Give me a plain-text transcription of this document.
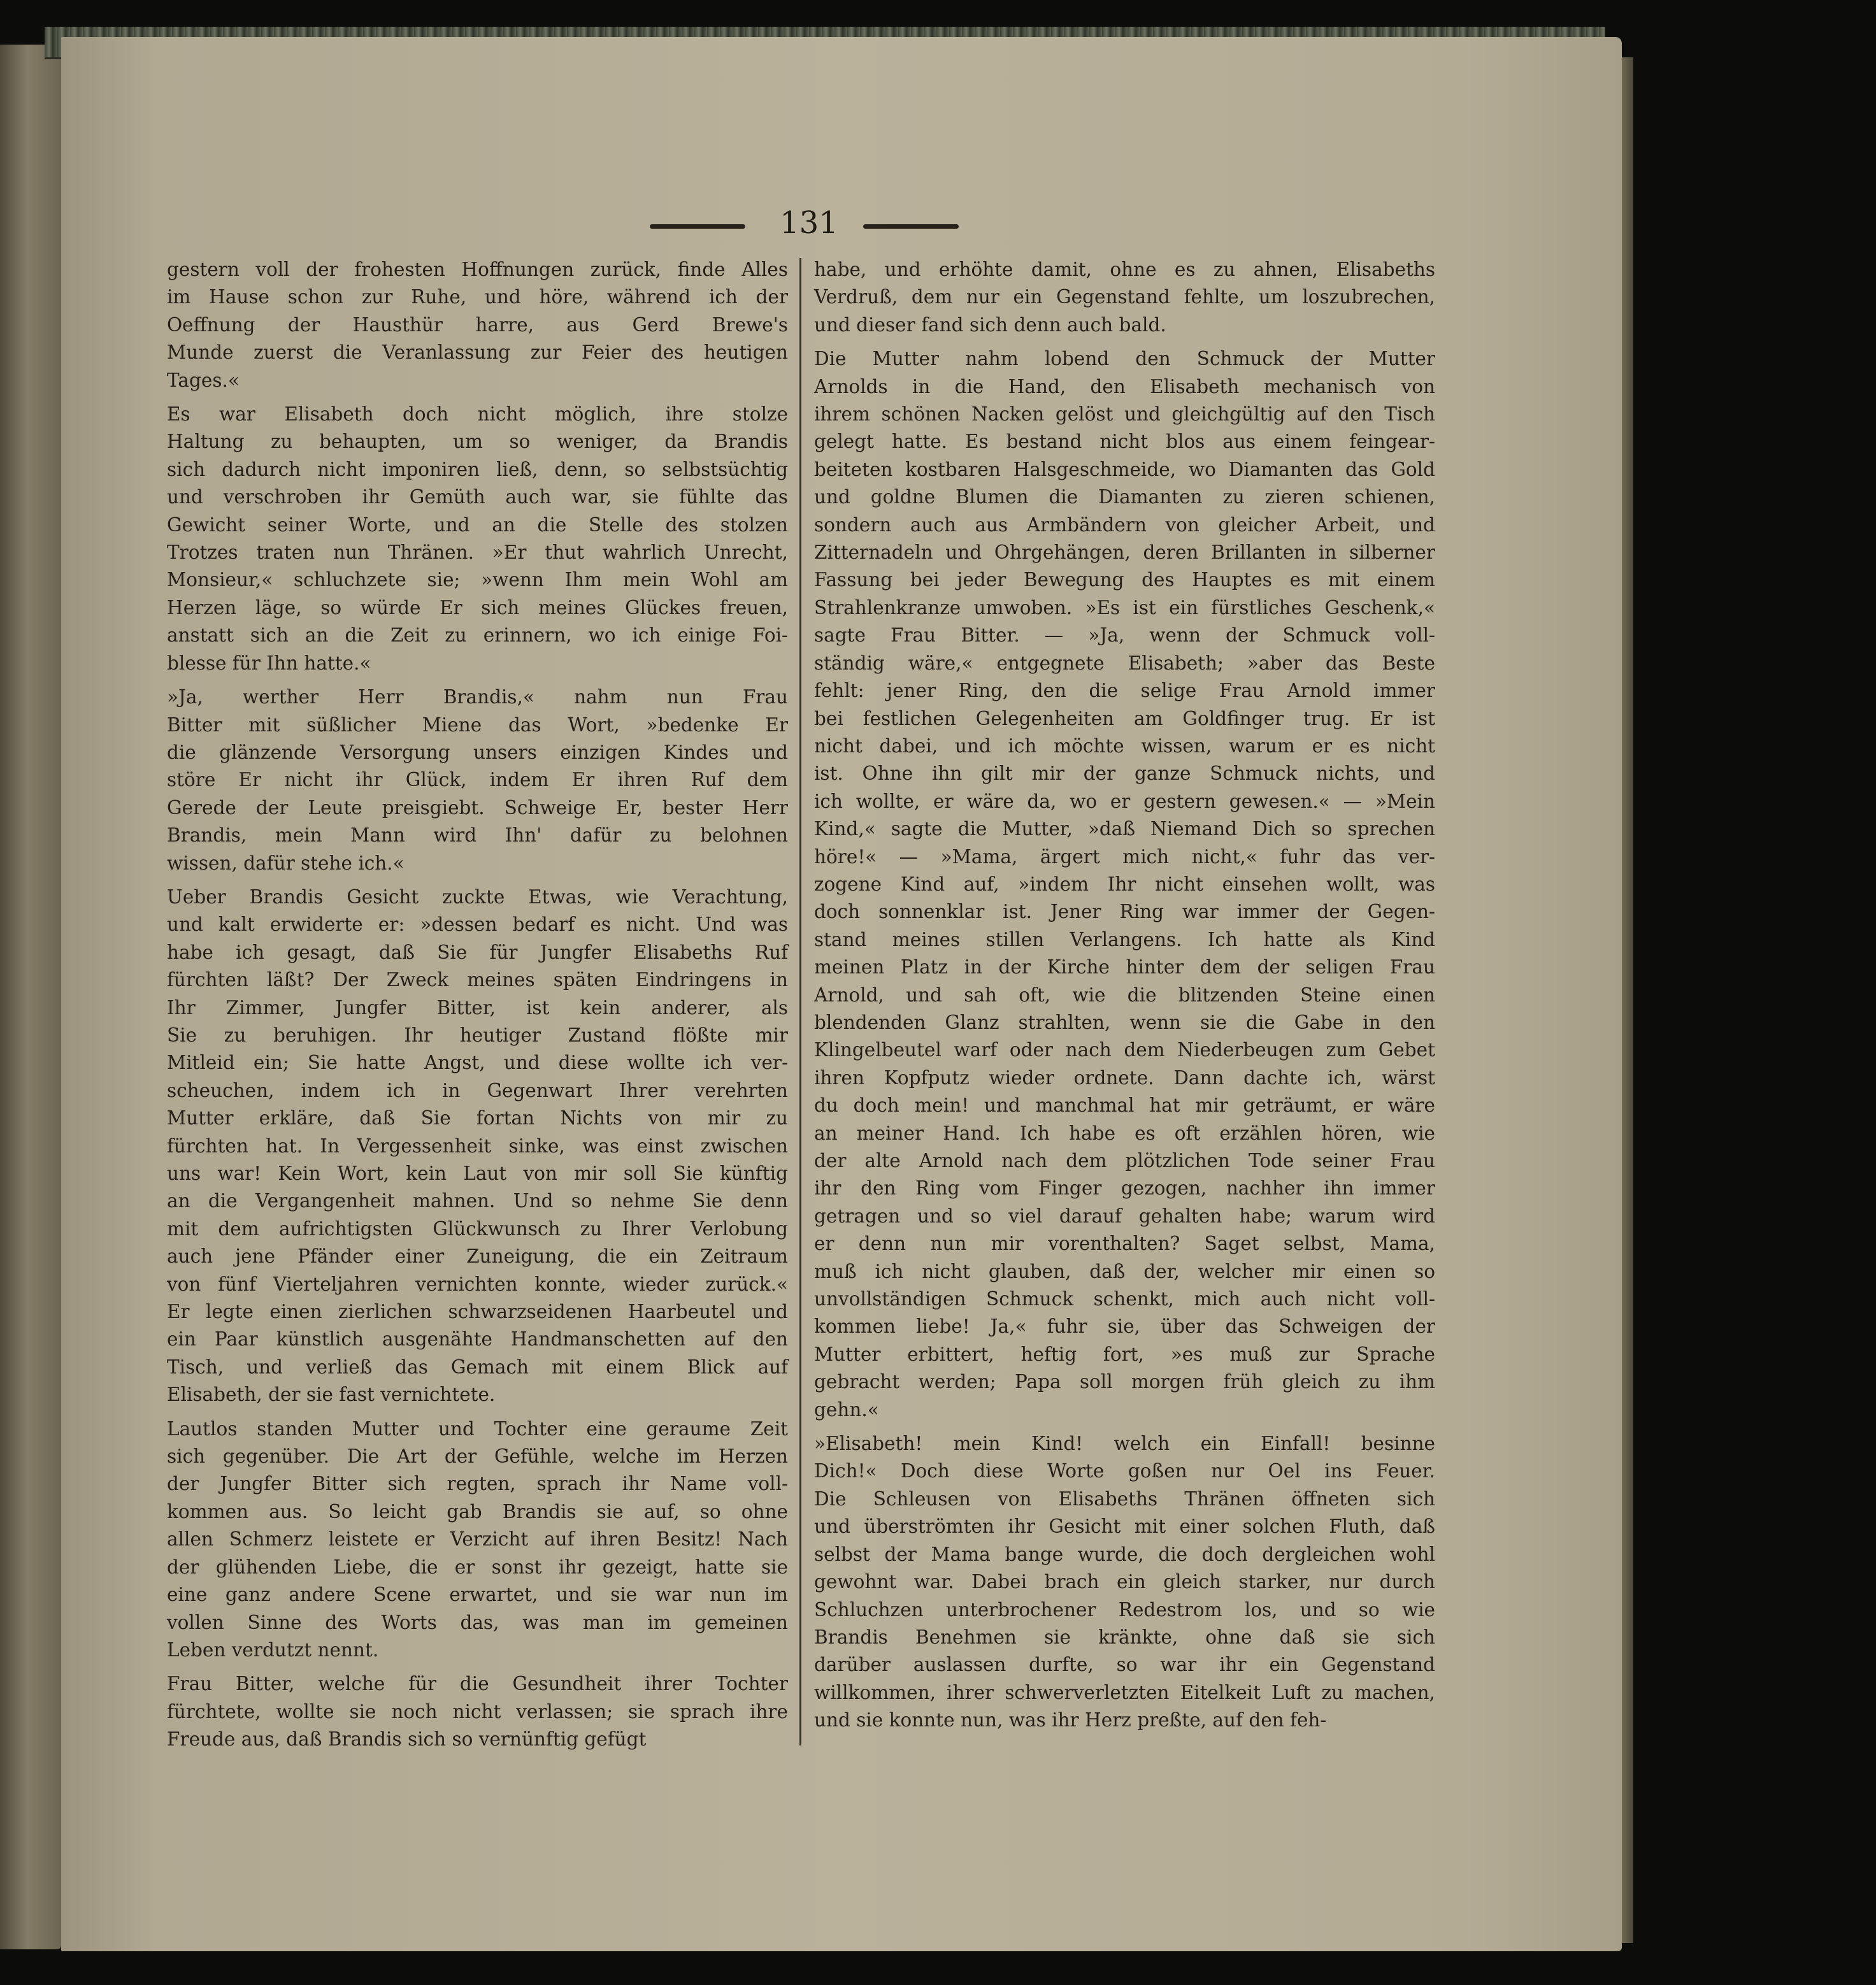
131
gestern voll der frohesten Hoffnungen zurück, finde Alles
im Hause schon zur Ruhe, und höre, während ich der
Oeffnung der Hausthür harre, aus Gerd Brewe's
Munde zuerst die Veranlassung zur Feier des heutigen
Tages.«
Es war Elisabeth doch nicht möglich, ihre stolze
Haltung zu behaupten, um so weniger, da Brandis
sich dadurch nicht imponiren ließ, denn, so selbstsüchtig
und verschroben ihr Gemüth auch war, sie fühlte das
Gewicht seiner Worte, und an die Stelle des stolzen
Trotzes traten nun Thränen. »Er thut wahrlich Unrecht,
Monsieur,« schluchzete sie; »wenn Ihm mein Wohl am
Herzen läge, so würde Er sich meines Glückes freuen,
anstatt sich an die Zeit zu erinnern, wo ich einige Foi-
blesse für Ihn hatte.«
»Ja, werther Herr Brandis,« nahm nun Frau
Bitter mit süßlicher Miene das Wort, »bedenke Er
die glänzende Versorgung unsers einzigen Kindes und
störe Er nicht ihr Glück, indem Er ihren Ruf dem
Gerede der Leute preisgiebt. Schweige Er, bester Herr
Brandis, mein Mann wird Ihn' dafür zu belohnen
wissen, dafür stehe ich.«
Ueber Brandis Gesicht zuckte Etwas, wie Verachtung,
und kalt erwiderte er: »dessen bedarf es nicht. Und was
habe ich gesagt, daß Sie für Jungfer Elisabeths Ruf
fürchten läßt? Der Zweck meines späten Eindringens in
Ihr Zimmer, Jungfer Bitter, ist kein anderer, als
Sie zu beruhigen. Ihr heutiger Zustand flößte mir
Mitleid ein; Sie hatte Angst, und diese wollte ich ver-
scheuchen, indem ich in Gegenwart Ihrer verehrten
Mutter erkläre, daß Sie fortan Nichts von mir zu
fürchten hat. In Vergessenheit sinke, was einst zwischen
uns war! Kein Wort, kein Laut von mir soll Sie künftig
an die Vergangenheit mahnen. Und so nehme Sie denn
mit dem aufrichtigsten Glückwunsch zu Ihrer Verlobung
auch jene Pfänder einer Zuneigung, die ein Zeitraum
von fünf Vierteljahren vernichten konnte, wieder zurück.«
Er legte einen zierlichen schwarzseidenen Haarbeutel und
ein Paar künstlich ausgenähte Handmanschetten auf den
Tisch, und verließ das Gemach mit einem Blick auf
Elisabeth, der sie fast vernichtete.
Lautlos standen Mutter und Tochter eine geraume Zeit
sich gegenüber. Die Art der Gefühle, welche im Herzen
der Jungfer Bitter sich regten, sprach ihr Name voll-
kommen aus. So leicht gab Brandis sie auf, so ohne
allen Schmerz leistete er Verzicht auf ihren Besitz! Nach
der glühenden Liebe, die er sonst ihr gezeigt, hatte sie
eine ganz andere Scene erwartet, und sie war nun im
vollen Sinne des Worts das, was man im gemeinen
Leben verdutzt nennt.
Frau Bitter, welche für die Gesundheit ihrer Tochter
fürchtete, wollte sie noch nicht verlassen; sie sprach ihre
Freude aus, daß Brandis sich so vernünftig gefügt
habe, und erhöhte damit, ohne es zu ahnen, Elisabeths
Verdruß, dem nur ein Gegenstand fehlte, um loszubrechen,
und dieser fand sich denn auch bald.
Die Mutter nahm lobend den Schmuck der Mutter
Arnolds in die Hand, den Elisabeth mechanisch von
ihrem schönen Nacken gelöst und gleichgültig auf den Tisch
gelegt hatte. Es bestand nicht blos aus einem feingear-
beiteten kostbaren Halsgeschmeide, wo Diamanten das Gold
und goldne Blumen die Diamanten zu zieren schienen,
sondern auch aus Armbändern von gleicher Arbeit, und
Zitternadeln und Ohrgehängen, deren Brillanten in silberner
Fassung bei jeder Bewegung des Hauptes es mit einem
Strahlenkranze umwoben. »Es ist ein fürstliches Geschenk,«
sagte Frau Bitter. — »Ja, wenn der Schmuck voll-
ständig wäre,« entgegnete Elisabeth; »aber das Beste
fehlt: jener Ring, den die selige Frau Arnold immer
bei festlichen Gelegenheiten am Goldfinger trug. Er ist
nicht dabei, und ich möchte wissen, warum er es nicht
ist. Ohne ihn gilt mir der ganze Schmuck nichts, und
ich wollte, er wäre da, wo er gestern gewesen.« — »Mein
Kind,« sagte die Mutter, »daß Niemand Dich so sprechen
höre!« — »Mama, ärgert mich nicht,« fuhr das ver-
zogene Kind auf, »indem Ihr nicht einsehen wollt, was
doch sonnenklar ist. Jener Ring war immer der Gegen-
stand meines stillen Verlangens. Ich hatte als Kind
meinen Platz in der Kirche hinter dem der seligen Frau
Arnold, und sah oft, wie die blitzenden Steine einen
blendenden Glanz strahlten, wenn sie die Gabe in den
Klingelbeutel warf oder nach dem Niederbeugen zum Gebet
ihren Kopfputz wieder ordnete. Dann dachte ich, wärst
du doch mein! und manchmal hat mir geträumt, er wäre
an meiner Hand. Ich habe es oft erzählen hören, wie
der alte Arnold nach dem plötzlichen Tode seiner Frau
ihr den Ring vom Finger gezogen, nachher ihn immer
getragen und so viel darauf gehalten habe; warum wird
er denn nun mir vorenthalten? Saget selbst, Mama,
muß ich nicht glauben, daß der, welcher mir einen so
unvollständigen Schmuck schenkt, mich auch nicht voll-
kommen liebe! Ja,« fuhr sie, über das Schweigen der
Mutter erbittert, heftig fort, »es muß zur Sprache
gebracht werden; Papa soll morgen früh gleich zu ihm
gehn.«
»Elisabeth! mein Kind! welch ein Einfall! besinne
Dich!« Doch diese Worte goßen nur Oel ins Feuer.
Die Schleusen von Elisabeths Thränen öffneten sich
und überströmten ihr Gesicht mit einer solchen Fluth, daß
selbst der Mama bange wurde, die doch dergleichen wohl
gewohnt war. Dabei brach ein gleich starker, nur durch
Schluchzen unterbrochener Redestrom los, und so wie
Brandis Benehmen sie kränkte, ohne daß sie sich
darüber auslassen durfte, so war ihr ein Gegenstand
willkommen, ihrer schwerverletzten Eitelkeit Luft zu machen,
und sie konnte nun, was ihr Herz preßte, auf den feh-
